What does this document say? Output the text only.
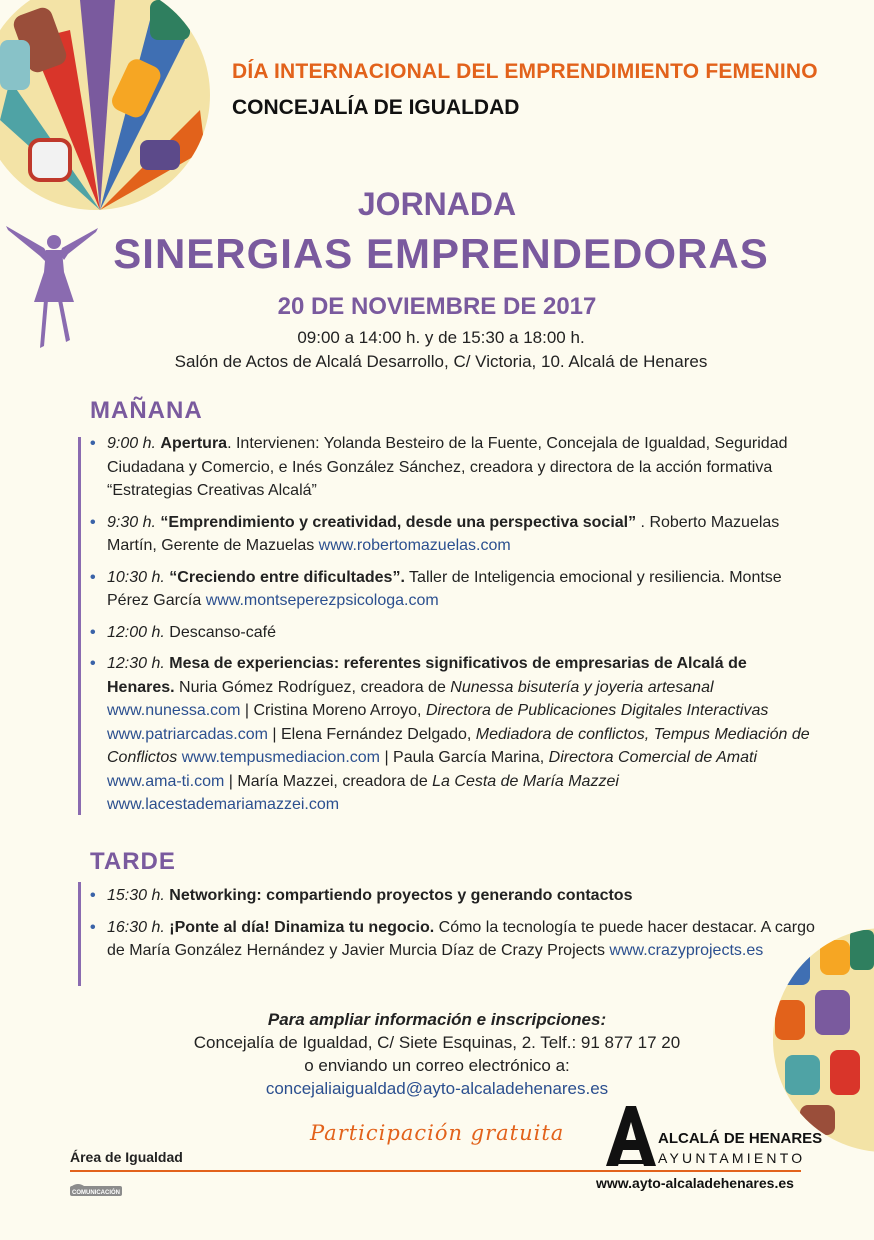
DÍA INTERNACIONAL DEL EMPRENDIMIENTO FEMENINO
CONCEJALÍA DE IGUALDAD
JORNADA
SINERGIAS EMPRENDEDORAS
20 DE NOVIEMBRE DE 2017
09:00 a 14:00 h. y de 15:30 a 18:00 h.
Salón de Actos de Alcalá Desarrollo, C/ Victoria, 10. Alcalá de Henares
MAÑANA
• 9:00 h. Apertura. Intervienen: Yolanda Besteiro de la Fuente, Concejala de Igualdad, Seguridad Ciudadana y Comercio, e Inés González Sánchez, creadora y directora de la acción formativa “Estrategias Creativas Alcalá”
• 9:30 h. “Emprendimiento y creatividad, desde una perspectiva social” . Roberto Mazuelas Martín, Gerente de Mazuelas www.robertomazuelas.com
• 10:30 h. “Creciendo entre dificultades”. Taller de Inteligencia emocional y resiliencia. Montse Pérez García www.montseperezpsicologa.com
• 12:00 h. Descanso-café
• 12:30 h. Mesa de experiencias: referentes significativos de empresarias de Alcalá de Henares. Nuria Gómez Rodríguez, creadora de Nunessa bisutería y joyeria artesanal www.nunessa.com | Cristina Moreno Arroyo, Directora de Publicaciones Digitales Interactivas www.patriarcadas.com | Elena Fernández Delgado, Mediadora de conflictos, Tempus Mediación de Conflictos www.tempusmediacion.com | Paula García Marina, Directora Comercial de Amati www.ama-ti.com | María Mazzei, creadora de La Cesta de María Mazzei www.lacestademariamazzei.com
TARDE
• 15:30 h. Networking: compartiendo proyectos y generando contactos
• 16:30 h. ¡Ponte al día! Dinamiza tu negocio. Cómo la tecnología te puede hacer destacar. A cargo de María González Hernández y Javier Murcia Díaz de Crazy Projects www.crazyprojects.es
Para ampliar información e inscripciones:
Concejalía de Igualdad, C/ Siete Esquinas, 2. Telf.: 91 877 17 20
o enviando un correo electrónico a:
concejaliaigualdad@ayto-alcaladehenares.es
Participación gratuita
Área de Igualdad
COMUNICACIÓN
ALCALÁ DE HENARES
AYUNTAMIENTO
www.ayto-alcaladehenares.es
